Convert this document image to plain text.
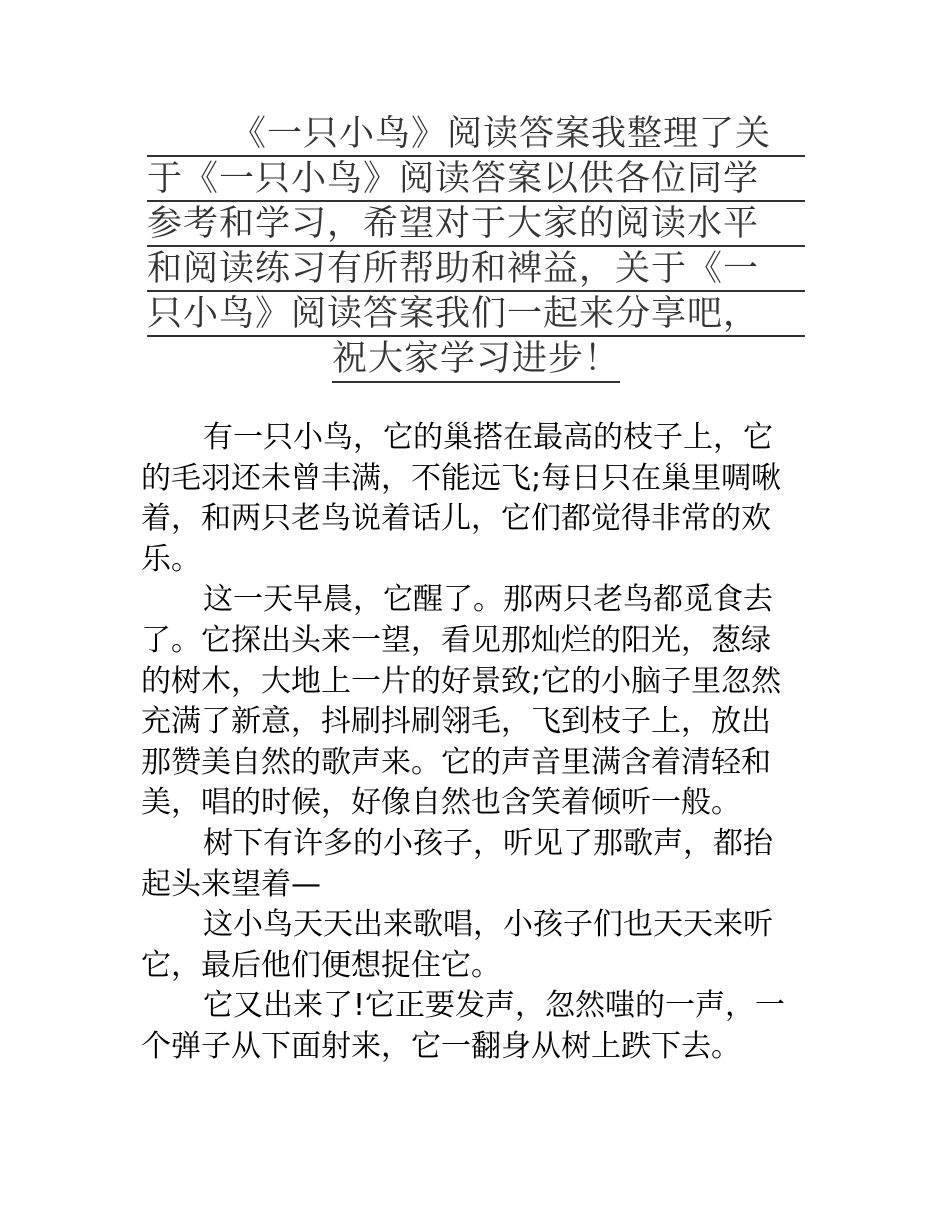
《一只小鸟》阅读答案我整理了关
于《一只小鸟》阅读答案以供各位同学
参考和学习，希望对于大家的阅读水平
和阅读练习有所帮助和裨益，关于《一
只小鸟》阅读答案我们一起来分享吧，
祝大家学习进步！
有一只小鸟，它的巢搭在最高的枝子上，它
的毛羽还未曾丰满，不能远飞;每日只在巢里啁啾
着，和两只老鸟说着话儿，它们都觉得非常的欢
乐。
这一天早晨，它醒了。那两只老鸟都觅食去
了。它探出头来一望，看见那灿烂的阳光，葱绿
的树木，大地上一片的好景致;它的小脑子里忽然
充满了新意，抖刷抖刷翎毛，飞到枝子上，放出
那赞美自然的歌声来。它的声音里满含着清轻和
美，唱的时候，好像自然也含笑着倾听一般。
树下有许多的小孩子，听见了那歌声，都抬
起头来望着—
这小鸟天天出来歌唱，小孩子们也天天来听
它，最后他们便想捉住它。
它又出来了!它正要发声，忽然嗤的一声，一
个弹子从下面射来，它一翻身从树上跌下去。
